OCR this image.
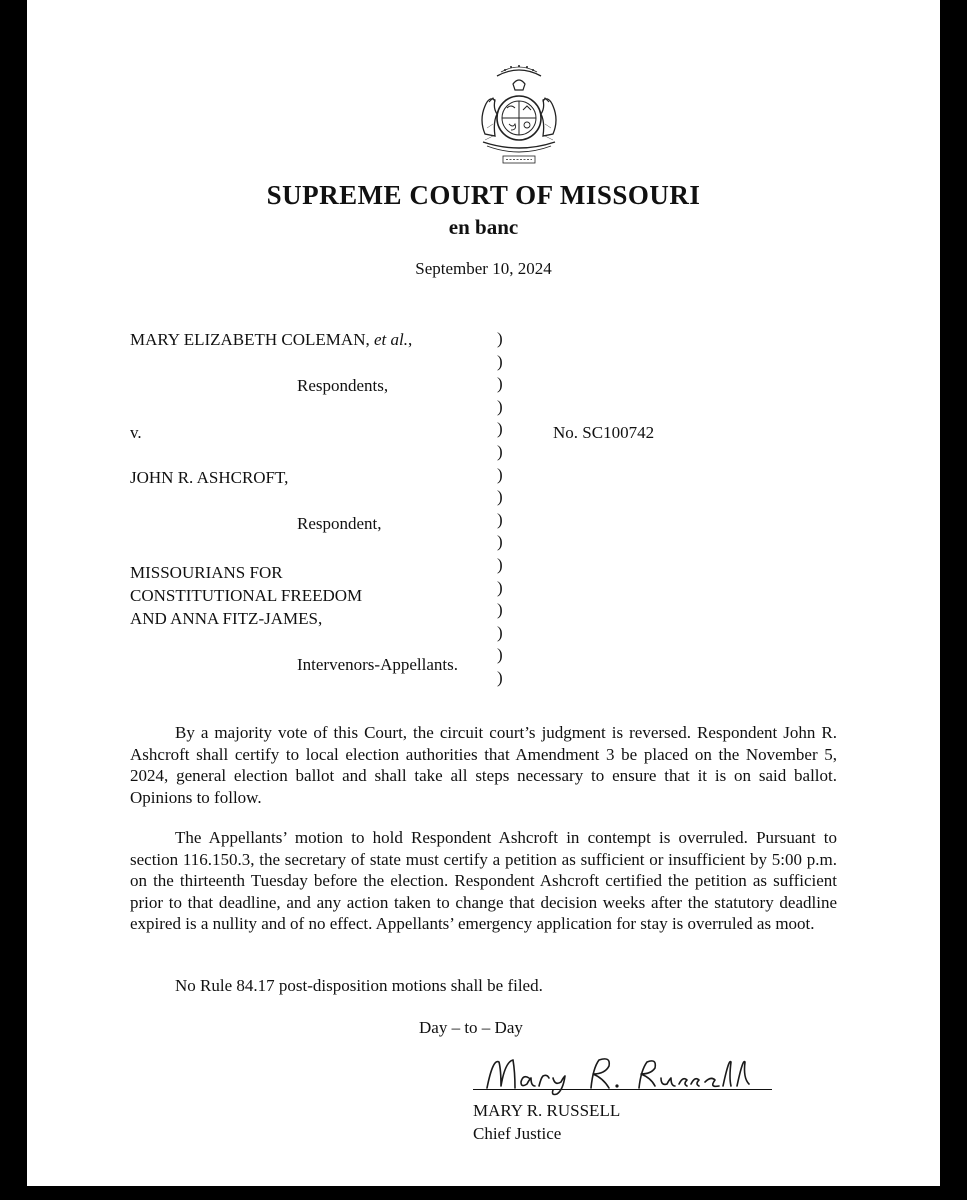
SUPREME COURT OF MISSOURI
en banc
September 10, 2024
MARY ELIZABETH COLEMAN, et al.,
Respondents,
v.
JOHN R. ASHCROFT,
Respondent,
MISSOURIANS FOR
CONSTITUTIONAL FREEDOM
AND ANNA FITZ-JAMES,
Intervenors-Appellants.
)
)
)
)
)
)
)
)
)
)
)
)
)
)
)
)
No. SC100742

By a majority vote of this Court, the circuit court’s judgment is reversed. Respondent John R. Ashcroft shall certify to local election authorities that Amendment 3 be placed on the November 5, 2024, general election ballot and shall take all steps necessary to ensure that it is on said ballot. Opinions to follow.

The Appellants’ motion to hold Respondent Ashcroft in contempt is overruled. Pursuant to section 116.150.3, the secretary of state must certify a petition as sufficient or insufficient by 5:00 p.m. on the thirteenth Tuesday before the election. Respondent Ashcroft certified the petition as sufficient prior to that deadline, and any action taken to change that decision weeks after the statutory deadline expired is a nullity and of no effect. Appellants’ emergency application for stay is overruled as moot.

No Rule 84.17 post-disposition motions shall be filed.

Day – to – Day
MARY R. RUSSELL
Chief Justice
